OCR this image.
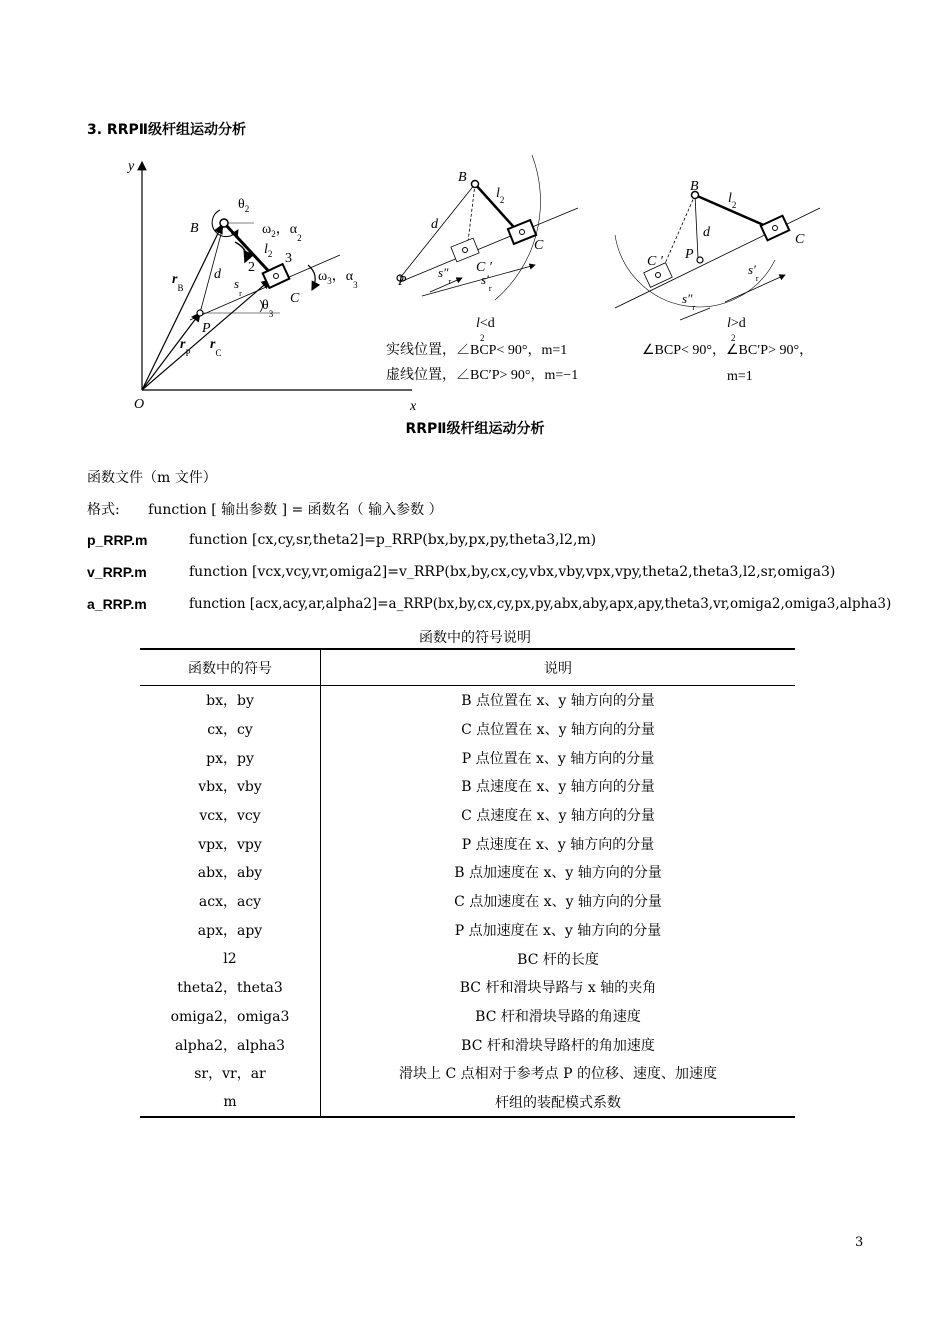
3. RRPⅡ级杆组运动分析
y
x
O
$\theta_2$
$\omega_2$，$\alpha_2$
B
$l_2$
d 2
3
$\omega_3$，$\alpha_3$
C
$s_r$
$\theta_3$
$r_B$
P
$r_P$
$r_C$
B
$l_2$
d
C
C ′
P
$s''_r$ $s'_r$
B
$l_2$
d	C
C ′ P
$s'_r$
$s''_r$
l<d 2
实线位置，∠BCP< 90°，m=1
虚线位置，∠BC′P> 90°，m=−1
l>d 2
∠BCP< 90°，∠BC′P> 90°，
m=1
RRPⅡ级杆组运动分析
函数文件（m 文件）
格式: function [ 输出参数 ] = 函数名（ 输入参数 ）
p_RRP.m	function [cx,cy,sr,theta2]=p_RRP(bx,by,px,py,theta3,l2,m)
v_RRP.m	function [vcx,vcy,vr,omiga2]=v_RRP(bx,by,cx,cy,vbx,vby,vpx,vpy,theta2,theta3,l2,sr,omiga3)
a_RRP.m	function [acx,acy,ar,alpha2]=a_RRP(bx,by,cx,cy,px,py,abx,aby,apx,apy,theta3,vr,omiga2,omiga3,alpha3)
函数中的符号说明
函数中的符号	说明
bx，by	B 点位置在 x、y 轴方向的分量
cx，cy	C 点位置在 x、y 轴方向的分量
px，py	P 点位置在 x、y 轴方向的分量
vbx，vby	B 点速度在 x、y 轴方向的分量
vcx，vcy	C 点速度在 x、y 轴方向的分量
vpx，vpy	P 点速度在 x、y 轴方向的分量
abx，aby	B 点加速度在 x、y 轴方向的分量
acx，acy	C 点加速度在 x、y 轴方向的分量
apx，apy	P 点加速度在 x、y 轴方向的分量
l2	BC 杆的长度
theta2，theta3	BC 杆和滑块导路与 x 轴的夹角
omiga2，omiga3	BC 杆和滑块导路的角速度
alpha2，alpha3	BC 杆和滑块导路杆的角加速度
sr，vr，ar	滑块上 C 点相对于参考点 P 的位移、速度、加速度
m	杆组的装配模式系数
3
